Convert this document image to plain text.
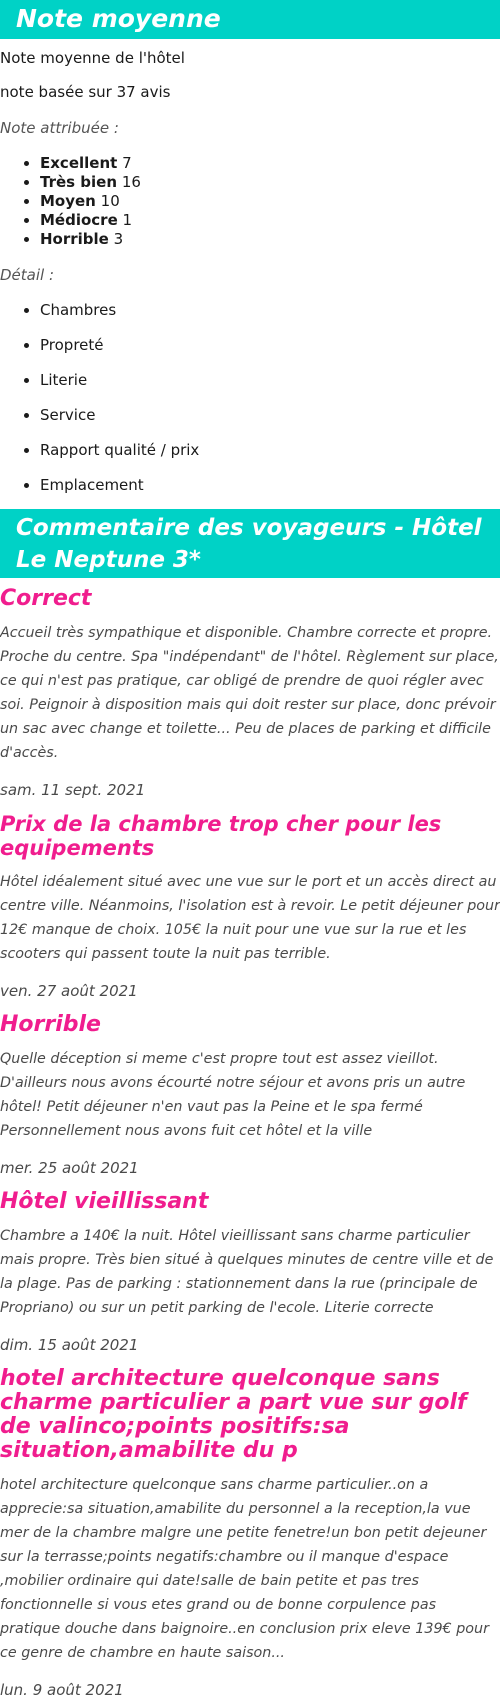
Note moyenne

Note moyenne de l'hôtel

note basée sur 37 avis

Note attribuée :

• Excellent 7
• Très bien 16
• Moyen 10
• Médiocre 1
• Horrible 3

Détail :

• Chambres
• Propreté
• Literie
• Service
• Rapport qualité / prix
• Emplacement
Commentaire des voyageurs - Hôtel Le Neptune 3*
Correct

Accueil très sympathique et disponible. Chambre correcte et propre. Proche du centre. Spa "indépendant" de l'hôtel. Règlement sur place, ce qui n'est pas pratique, car obligé de prendre de quoi régler avec soi. Peignoir à disposition mais qui doit rester sur place, donc prévoir un sac avec change et toilette... Peu de places de parking et difficile d'accès.

sam. 11 sept. 2021

Prix de la chambre trop cher pour les equipements

Hôtel idéalement situé avec une vue sur le port et un accès direct au centre ville. Néanmoins, l'isolation est à revoir. Le petit déjeuner pour 12€ manque de choix. 105€ la nuit pour une vue sur la rue et les scooters qui passent toute la nuit pas terrible.

ven. 27 août 2021

Horrible

Quelle déception si meme c'est propre tout est assez vieillot. D'ailleurs nous avons écourté notre séjour et avons pris un autre hôtel! Petit déjeuner n'en vaut pas la Peine et le spa fermé Personnellement nous avons fuit cet hôtel et la ville

mer. 25 août 2021

Hôtel vieillissant

Chambre a 140€ la nuit. Hôtel vieillissant sans charme particulier mais propre. Très bien situé à quelques minutes de centre ville et de la plage. Pas de parking : stationnement dans la rue (principale de Propriano) ou sur un petit parking de l'ecole. Literie correcte

dim. 15 août 2021

hotel architecture quelconque sans charme particulier a part vue sur golf de valinco;points positifs:sa situation,amabilite du p

hotel architecture quelconque sans charme particulier..on a apprecie:sa situation,amabilite du personnel a la reception,la vue mer de la chambre malgre une petite fenetre!un bon petit dejeuner sur la terrasse;points negatifs:chambre ou il manque d'espace ,mobilier ordinaire qui date!salle de bain petite et pas tres fonctionnelle si vous etes grand ou de bonne corpulence pas pratique douche dans baignoire..en conclusion prix eleve 139€ pour ce genre de chambre en haute saison...

lun. 9 août 2021
